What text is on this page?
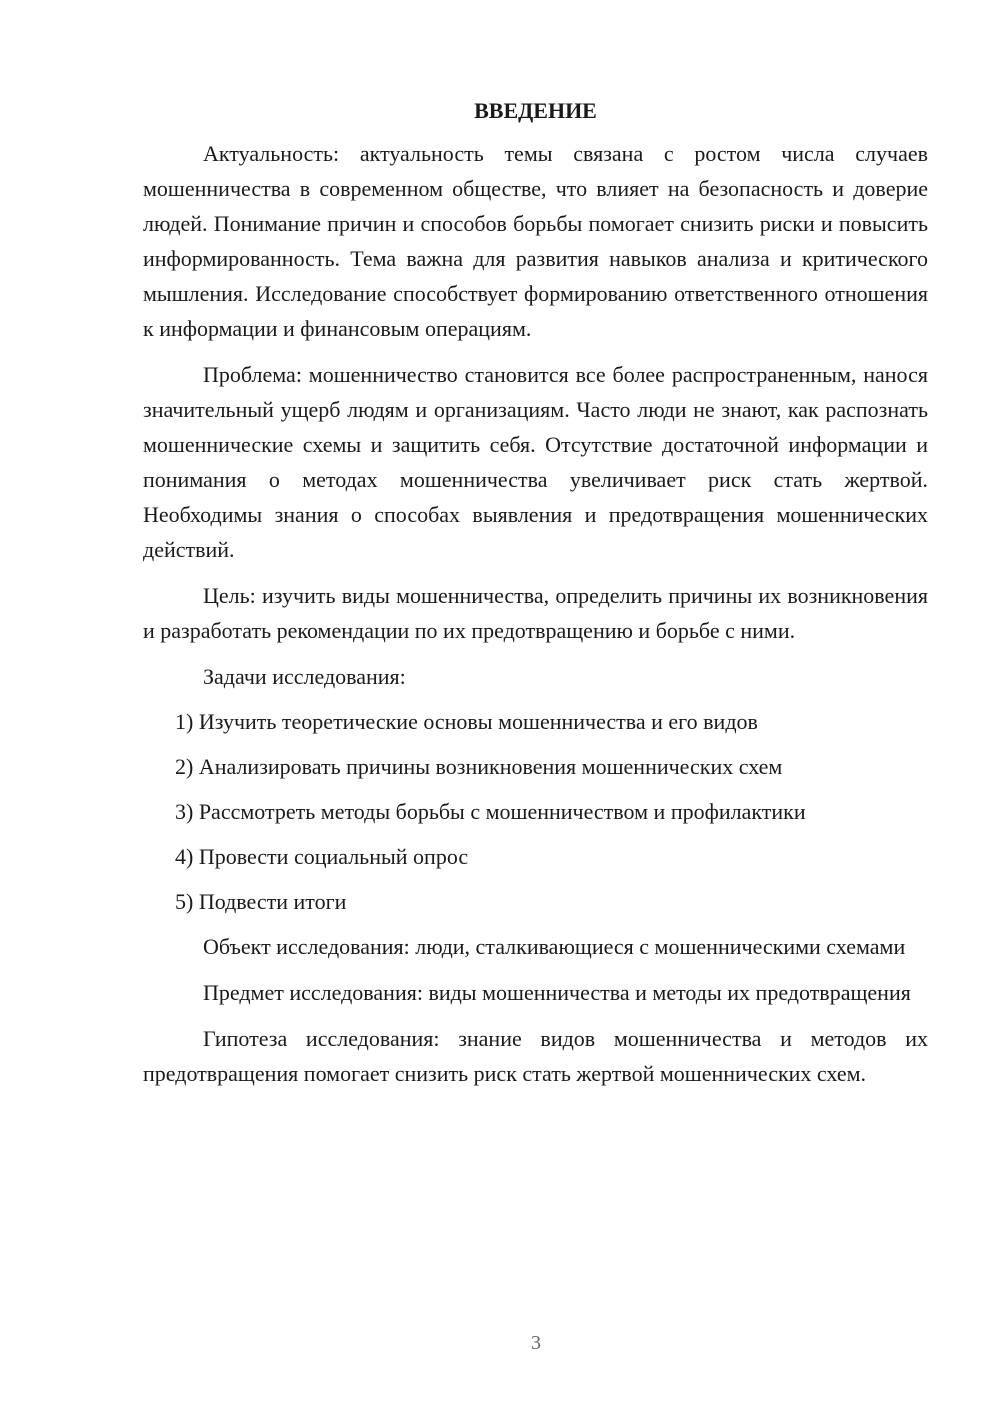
ВВЕДЕНИЕ

Актуальность: актуальность темы связана с ростом числа случаев мошенничества в современном обществе, что влияет на безопасность и доверие людей. Понимание причин и способов борьбы помогает снизить риски и повысить информированность. Тема важна для развития навыков анализа и критического мышления. Исследование способствует формированию ответственного отношения к информации и финансовым операциям.

Проблема: мошенничество становится все более распространенным, нанося значительный ущерб людям и организациям. Часто люди не знают, как распознать мошеннические схемы и защитить себя. Отсутствие достаточной информации и понимания о методах мошенничества увеличивает риск стать жертвой. Необходимы знания о способах выявления и предотвращения мошеннических действий.

Цель: изучить виды мошенничества, определить причины их возникновения и разработать рекомендации по их предотвращению и борьбе с ними.

Задачи исследования:
1) Изучить теоретические основы мошенничества и его видов
2) Анализировать причины возникновения мошеннических схем
3) Рассмотреть методы борьбы с мошенничеством и профилактики
4) Провести социальный опрос
5) Подвести итоги

Объект исследования: люди, сталкивающиеся с мошенническими схемами

Предмет исследования: виды мошенничества и методы их предотвращения

Гипотеза исследования: знание видов мошенничества и методов их предотвращения помогает снизить риск стать жертвой мошеннических схем.

3
